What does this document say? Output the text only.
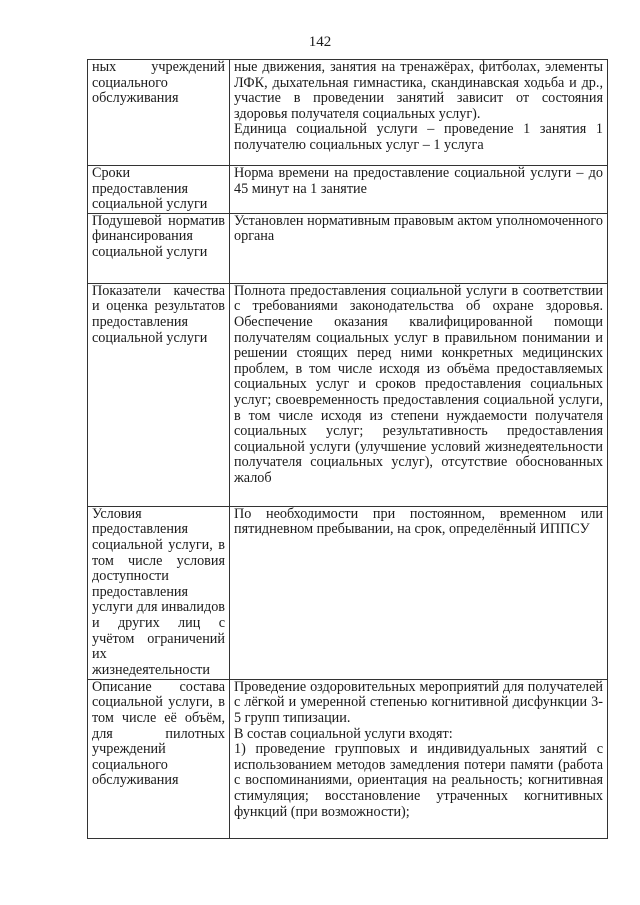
142
ных учреждений социального обслуживания	ные движения, занятия на тренажёрах, фитболах, элементы ЛФК, дыхательная гимнастика, скандинавская ходьба и др., участие в проведении занятий зависит от состояния здоровья получателя социальных услуг).

Единица социальной услуги – проведение 1 занятия 1 получателю социальных услуг – 1 услуга

Сроки предоставления социальной услуги	Норма времени на предоставление социальной услуги – до 45 минут на 1 занятие

Подушевой норматив финансирования социальной услуги	Установлен нормативным правовым актом уполномоченного органа

Показатели качества и оценка результатов предоставления социальной услуги	Полнота предоставления социальной услуги в соответствии с требованиями законодательства об охране здоровья. Обеспечение оказания квалифицированной помощи получателям социальных услуг в правильном понимании и решении стоящих перед ними конкретных медицинских проблем, в том числе исходя из объёма предоставляемых социальных услуг и сроков предоставления социальных услуг; своевременность предоставления социальной услуги, в том числе исходя из степени нуждаемости получателя социальных услуг; результативность предоставления социальной услуги (улучшение условий жизнедеятельности получателя социальных услуг), отсутствие обоснованных жалоб

Условия предоставления социальной услуги, в том числе условия доступности предоставления услуги для инвалидов и других лиц с учётом ограничений их жизнедеятельности	По необходимости при постоянном, временном или пятидневном пребывании, на срок, определённый ИППСУ

Описание состава социальной услуги, в том числе её объём, для пилотных учреждений социального обслуживания	Проведение оздоровительных мероприятий для получателей с лёгкой и умеренной степенью когнитивной дисфункции 3-5 групп типизации.

В состав социальной услуги входят:

1) проведение групповых и индивидуальных занятий с использованием методов замедления потери памяти (работа с воспоминаниями, ориентация на реальность; когнитивная стимуляция; восстановление утраченных когнитивных функций (при возможности);
